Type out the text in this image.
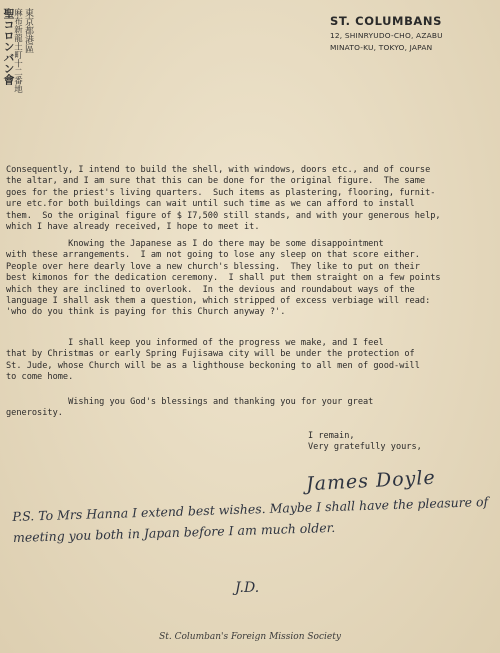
東京都港區
麻布新龍土町十二番地
聖コロンバン會	ST. COLUMBANS
12, SHINRYUDO-CHO, AZABU
MINATO-KU, TOKYO, JAPAN
Consequently, I intend to build the shell, with windows, doors etc., and of course
the altar, and I am sure that this can be done for the original figure.  The same
goes for the priest's living quarters.  Such items as plastering, flooring, furnit-
ure etc.for both buildings can wait until such time as we can afford to install
them.  So the original figure of $ I7,500 still stands, and with your generous help,
which I have already received, I hope to meet it.
Knowing the Japanese as I do there may be some disappointment
with these arrangements.  I am not going to lose any sleep on that score either.
People over here dearly love a new church's blessing.  They like to put on their
best kimonos for the dedication ceremony.  I shall put them straight on a few points
which they are inclined to overlook.  In the devious and roundabout ways of the
language I shall ask them a question, which stripped of excess verbiage will read:
'who do you think is paying for this Church anyway ?'.
I shall keep you informed of the progress we make, and I feel
that by Christmas or early Spring Fujisawa city will be under the protection of
St. Jude, whose Church will be as a lighthouse beckoning to all men of good-will
to come home.
Wishing you God's blessings and thanking you for your great
generosity.
I remain,
Very gratefully yours,
James Doyle
P.S. To Mrs Hanna I extend best wishes. Maybe I shall have the pleasure of meeting you both in Japan before I am much older.
J.D.
St. Columban's Foreign Mission Society
